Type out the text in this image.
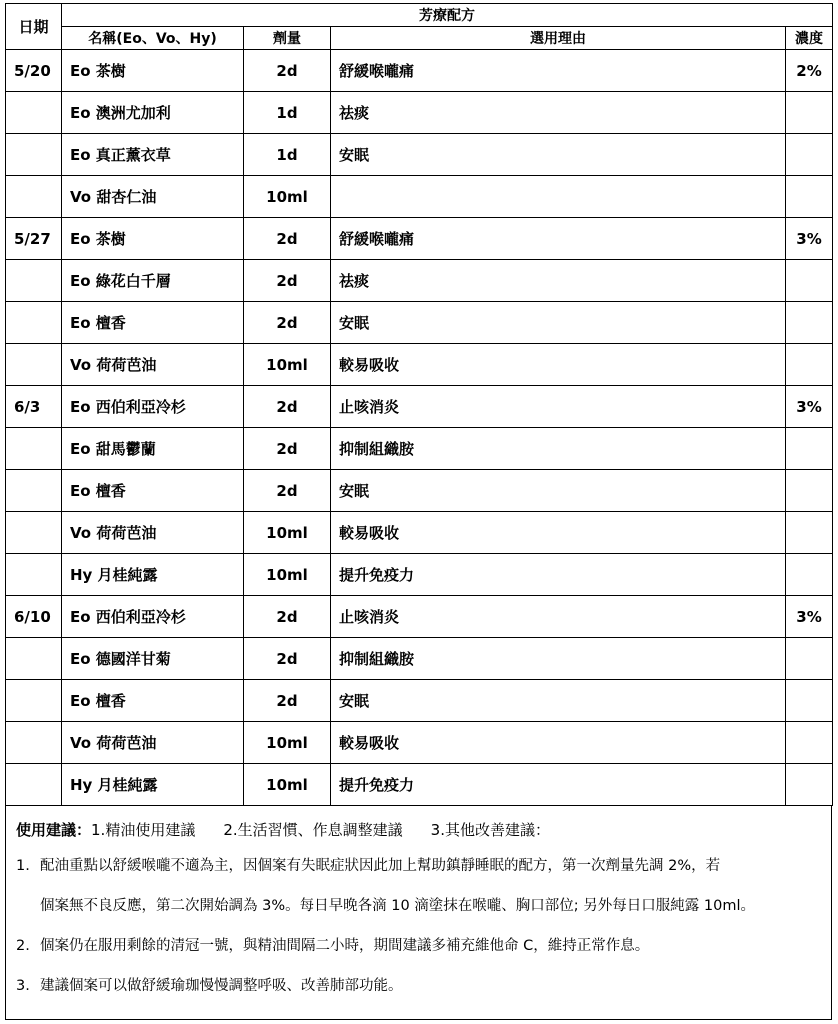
日期	芳療配方			
	名稱(Eo、Vo、Hy)	劑量	選用理由	濃度
5/20	Eo 茶樹	2d	舒緩喉嚨痛	2%
	Eo 澳洲尤加利	1d	祛痰	
	Eo 真正薰衣草	1d	安眠	
	Vo 甜杏仁油	10ml		
5/27	Eo 茶樹	2d	舒緩喉嚨痛	3%
	Eo 綠花白千層	2d	祛痰	
	Eo 檀香	2d	安眠	
	Vo 荷荷芭油	10ml	較易吸收	
6/3	Eo 西伯利亞冷杉	2d	止咳消炎	3%
	Eo 甜馬鬱蘭	2d	抑制組織胺	
	Eo 檀香	2d	安眠	
	Vo 荷荷芭油	10ml	較易吸收	
	Hy 月桂純露	10ml	提升免疫力	
6/10	Eo 西伯利亞冷杉	2d	止咳消炎	3%
	Eo 德國洋甘菊	2d	抑制組織胺	
	Eo 檀香	2d	安眠	
	Vo 荷荷芭油	10ml	較易吸收	
	Hy 月桂純露	10ml	提升免疫力	
使用建議：1.精油使用建議 2.生活習慣、作息調整建議 3.其他改善建議：
1. 配油重點以舒緩喉嚨不適為主，因個案有失眠症狀因此加上幫助鎮靜睡眠的配方，第一次劑量先調 2%，若
個案無不良反應，第二次開始調為 3%。每日早晚各滴 10 滴塗抹在喉嚨、胸口部位; 另外每日口服純露 10ml。
2. 個案仍在服用剩餘的清冠一號，與精油間隔二小時，期間建議多補充維他命 C，維持正常作息。
3. 建議個案可以做舒緩瑜珈慢慢調整呼吸、改善肺部功能。
